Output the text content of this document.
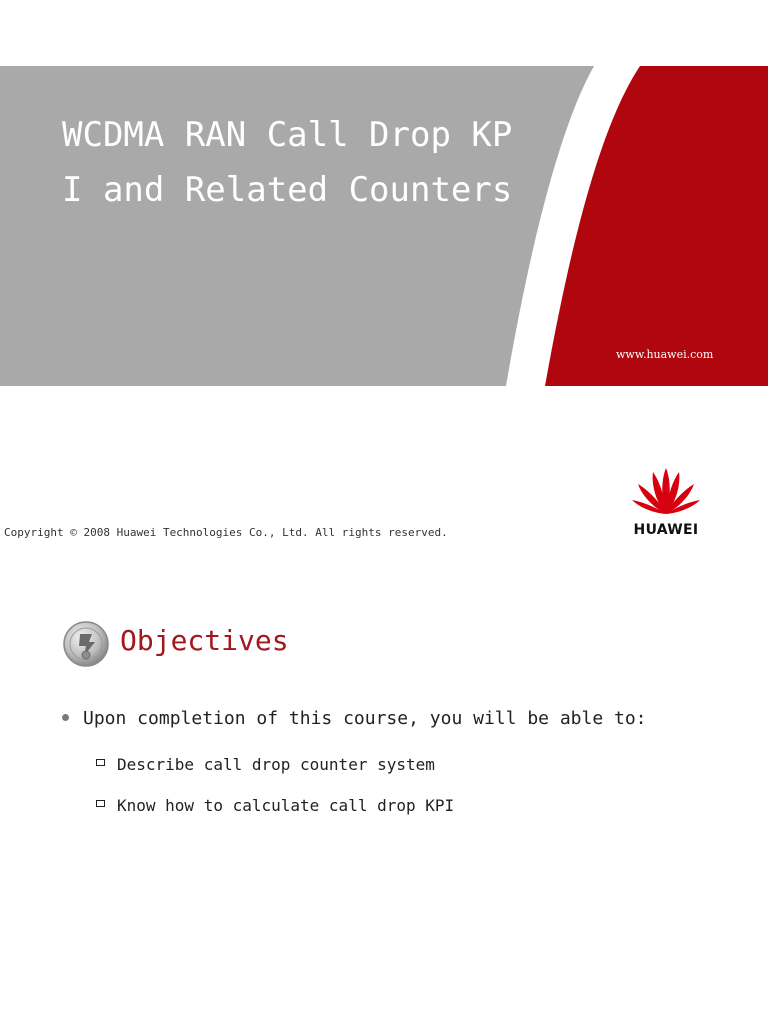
WCDMA RAN Call Drop KPI and Related Counters
www.huawei.com
Copyright © 2008 Huawei Technologies Co., Ltd. All rights reserved.	HUAWEI
Objectives
Upon completion of this course, you will be able to:
Describe call drop counter system
Know how to calculate call drop KPI
